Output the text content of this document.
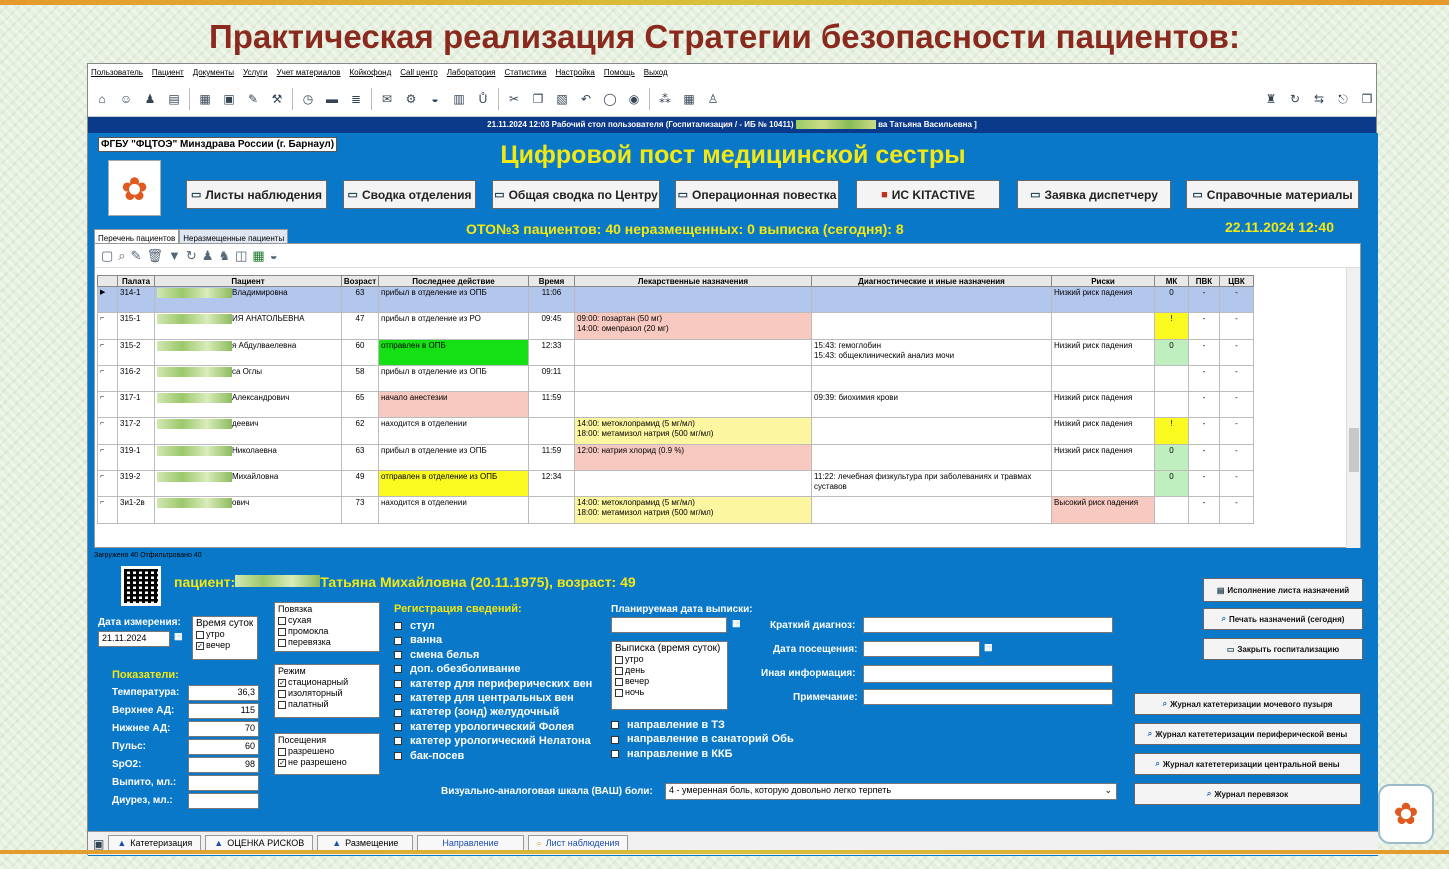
Практическая реализация Стратегии безопасности пациентов:
Пользователь Пациент Документы Услуги Учет материалов Койкофонд Call центр Лаборатория Статистика Настройка Помощь Выход
⌂	☺	♟	▤ ▦ ▣	✎	⚒	◷	▬	≣	✉	⚙	◒	▥	Ů	✂	❐	▧	↶	◯	◉	⁂ ▦	♙	♜	↻	⇆	⎋	❒
21.11.2024 12:03 Рабочий стол пользователя (Госпитализация / - ИБ № 10411)	ва Татьяна Васильевна ]
ФГБУ "ФЦТОЭ" Минздрава России (г. Барнаул)	Цифровой пост медицинской сестры
✿	▭ Листы наблюдения ▭ Сводка отделения ▭ Общая сводка по Центру ▭ Операционная повестка	■ ИС KITACTIVE	▭ Заявка диспетчеру	▭ Справочные материалы
ОТО№3 пациентов: 40 неразмещенных: 0 выписка (сегодня): 8	22.11.2024 12:40
Перечень пациентов	Неразмещенные пациенты
▢ ⌕ ✎ 🗑 ▼ ↻ ♟ ♞ ◫ ▦ ◒
	Палата	Пациент	Возраст	Последнее действие	Время	Лекарственные назначения	Диагностические и иные назначения	Риски	МК	ПВК	ЦВК
▶	314-1	Владимировна	63	прибыл в отделение из ОПБ	11:06			Низкий риск падения	0	-	-
⌐	315-1	ИЯ АНАТОЛЬЕВНА	47	прибыл в отделение из РО	09:45	09:00: позартан (50 мг)
14:00: омепразол (20 мг)			!	-	-
⌐	315-2	я Абдулваелевна	60	отправлен в ОПБ	12:33		15:43: гемоглобин
15:43: общеклинический анализ мочи	Низкий риск падения	0	-	-
⌐	316-2	са Оглы	58	прибыл в отделение из ОПБ	09:11					-	-
⌐	317-1	Александрович	65	начало анестезии	11:59		09:39: биохимия крови	Низкий риск падения		-	-
⌐	317-2	деевич	62	находится в отделении		14:00: метоклопрамид (5 мг/мл)
18:00: метамизол натрия (500 мг/мл)		Низкий риск падения	!	-	-
⌐	319-1	Николаевна	63	прибыл в отделение из ОПБ	11:59	12:00: натрия хлорид (0.9 %)		Низкий риск падения	0	-	-
⌐	319-2	Михайловна	49	отправлен в отделение из ОПБ	12:34		11:22: лечебная физкультура при заболеваниях и травмах суставов		0	-	-
⌐	3и1-2в	ович	73	находится в отделении		14:00: метоклопрамид (5 мг/мл)
18:00: метамизол натрия (500 мг/мл)		Высокий риск падения		-	-
Загружено 40 Отфильтровано 40
пациент:	Татьяна Михайловна (20.11.1975), возраст: 49
Дата измерения:
21.11.2024	▦
Время суток
утро
✓ вечер
Показатели:
Температура:	36,3
Верхнее АД:	115
Нижнее АД:	70
Пульс:	60
SpO2:	98
Выпито, мл.:
Диурез, мл.:
Повязка
сухая
промокла
перевязка
Режим
✓ стационарный
изоляторный
палатный
Посещения
разрешено
✓ не разрешено
Регистрация сведений:
✓ стул
✓ ванна
смена белья
доп. обезболивание
катетер для периферических вен
катетер для центральных вен
катетер (зонд) желудочный
катетер урологический Фолея
катетер урологический Нелатона
бак-посев
Планируемая дата выписки:
▦
Выписка (время суток)
утро
день
вечер
ночь
направление в ТЗ
направление в санаторий Обь
направление в ККБ
Краткий диагноз:
Дата посещения:	▦
Иная информация:
Примечание:
Визуально-аналоговая шкала (ВАШ) боли:	4 - умеренная боль, которую довольно легко терпеть	⌄
▤ Исполнение листа назначений
⌕ Печать назначений (сегодня)
▭ Закрыть госпитализацию
⌕ Журнал катетеризации мочевого пузыря
⌕ Журнал катететеризации периферической вены
⌕ Журнал катететеризации центральной вены
⌕ Журнал перевязок
▣	▲ Катетеризация	▲ ОЦЕНКА РИСКОВ	▲ Размещение	Направление	⌕ Лист наблюдения
✿
